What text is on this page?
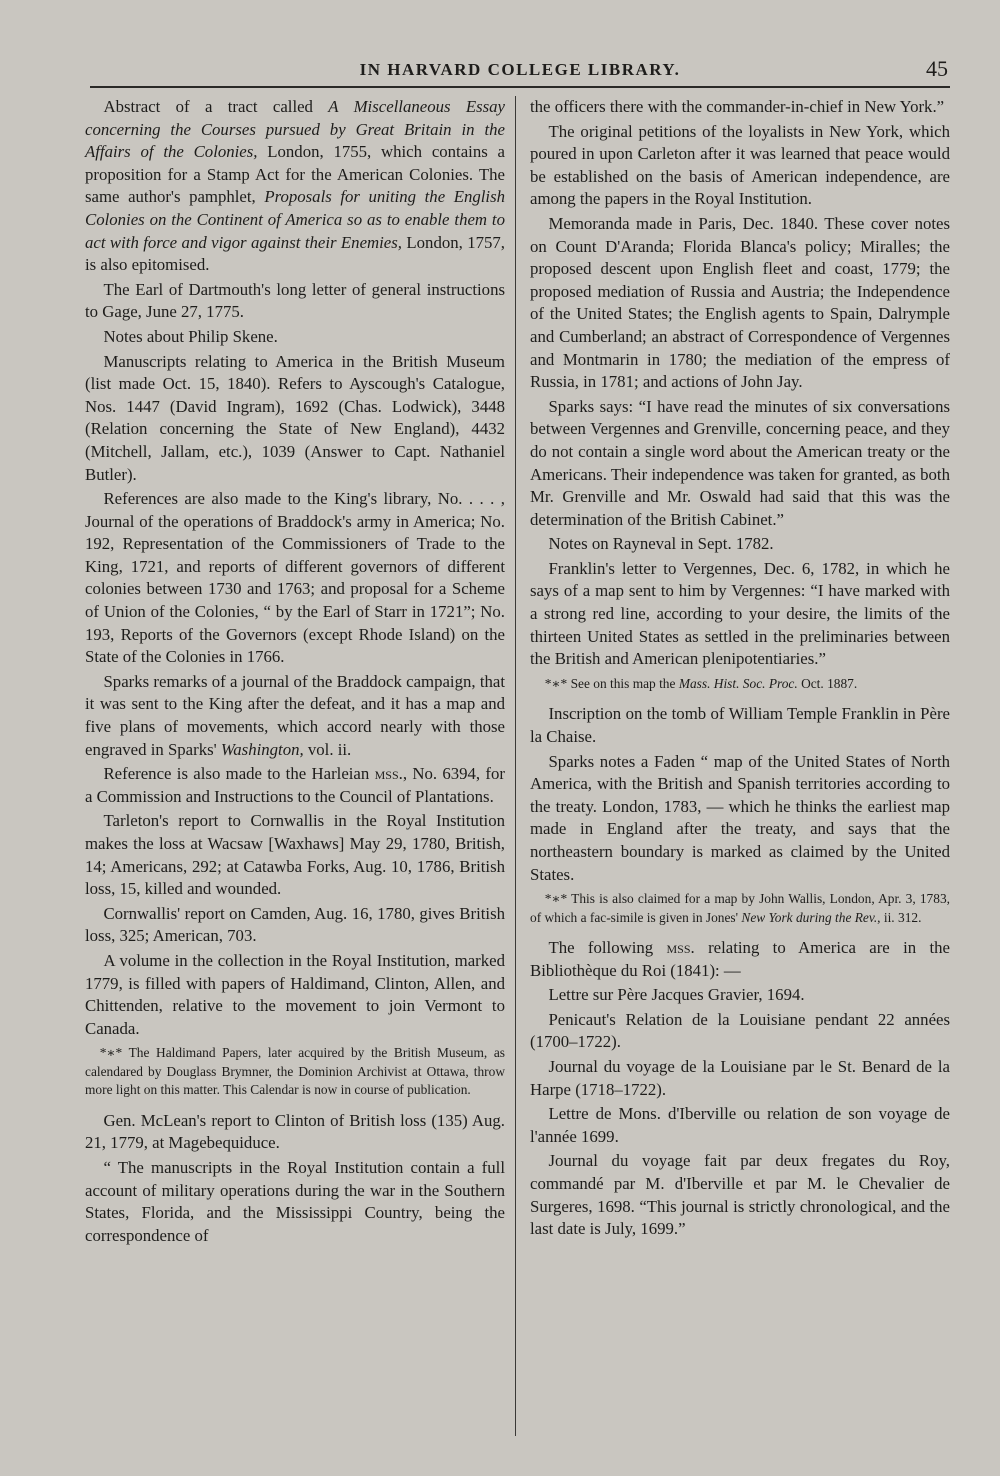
IN HARVARD COLLEGE LIBRARY.	45

Abstract of a tract called A Miscellaneous Essay concerning the Courses pursued by Great Britain in the Affairs of the Colonies, London, 1755, which contains a proposition for a Stamp Act for the American Colonies. The same author's pamphlet, Proposals for uniting the English Colonies on the Continent of America so as to enable them to act with force and vigor against their Enemies, London, 1757, is also epitomised.

The Earl of Dartmouth's long letter of general instructions to Gage, June 27, 1775.

Notes about Philip Skene.

Manuscripts relating to America in the British Museum (list made Oct. 15, 1840). Refers to Ayscough's Catalogue, Nos. 1447 (David Ingram), 1692 (Chas. Lodwick), 3448 (Relation concerning the State of New England), 4432 (Mitchell, Jallam, etc.), 1039 (Answer to Capt. Nathaniel Butler).

References are also made to the King's library, No. . . . , Journal of the operations of Braddock's army in America; No. 192, Representation of the Commissioners of Trade to the King, 1721, and reports of different governors of different colonies between 1730 and 1763; and proposal for a Scheme of Union of the Colonies, “ by the Earl of Starr in 1721”; No. 193, Reports of the Governors (except Rhode Island) on the State of the Colonies in 1766.

Sparks remarks of a journal of the Braddock campaign, that it was sent to the King after the defeat, and it has a map and five plans of movements, which accord nearly with those engraved in Sparks' Washington, vol. ii.

Reference is also made to the Harleian mss., No. 6394, for a Commission and Instructions to the Council of Plantations.

Tarleton's report to Cornwallis in the Royal Institution makes the loss at Wacsaw [Waxhaws] May 29, 1780, British, 14; Americans, 292; at Catawba Forks, Aug. 10, 1786, British loss, 15, killed and wounded.

Cornwallis' report on Camden, Aug. 16, 1780, gives British loss, 325; American, 703.

A volume in the collection in the Royal Institution, marked 1779, is filled with papers of Haldimand, Clinton, Allen, and Chittenden, relative to the movement to join Vermont to Canada.

*∗* The Haldimand Papers, later acquired by the British Museum, as calendared by Douglass Brymner, the Dominion Archivist at Ottawa, throw more light on this matter. This Calendar is now in course of publication.

Gen. McLean's report to Clinton of British loss (135) Aug. 21, 1779, at Magebequiduce.

“ The manuscripts in the Royal Institution contain a full account of military operations during the war in the Southern States, Florida, and the Mississippi Country, being the correspondence of

the officers there with the commander-in-chief in New York.”

The original petitions of the loyalists in New York, which poured in upon Carleton after it was learned that peace would be established on the basis of American independence, are among the papers in the Royal Institution.

Memoranda made in Paris, Dec. 1840. These cover notes on Count D'Aranda; Florida Blanca's policy; Miralles; the proposed descent upon English fleet and coast, 1779; the proposed mediation of Russia and Austria; the Independence of the United States; the English agents to Spain, Dalrymple and Cumberland; an abstract of Correspondence of Vergennes and Montmarin in 1780; the mediation of the empress of Russia, in 1781; and actions of John Jay.

Sparks says: “I have read the minutes of six conversations between Vergennes and Grenville, concerning peace, and they do not contain a single word about the American treaty or the Americans. Their independence was taken for granted, as both Mr. Grenville and Mr. Oswald had said that this was the determination of the British Cabinet.”

Notes on Rayneval in Sept. 1782.

Franklin's letter to Vergennes, Dec. 6, 1782, in which he says of a map sent to him by Vergennes: “I have marked with a strong red line, according to your desire, the limits of the thirteen United States as settled in the preliminaries between the British and American plenipotentiaries.”

*∗* See on this map the Mass. Hist. Soc. Proc. Oct. 1887.

Inscription on the tomb of William Temple Franklin in Père la Chaise.

Sparks notes a Faden “ map of the United States of North America, with the British and Spanish territories according to the treaty. London, 1783, — which he thinks the earliest map made in England after the treaty, and says that the northeastern boundary is marked as claimed by the United States.

*∗* This is also claimed for a map by John Wallis, London, Apr. 3, 1783, of which a fac-simile is given in Jones' New York during the Rev., ii. 312.

The following mss. relating to America are in the Bibliothèque du Roi (1841): —

Lettre sur Père Jacques Gravier, 1694.

Penicaut's Relation de la Louisiane pendant 22 années (1700–1722).

Journal du voyage de la Louisiane par le St. Benard de la Harpe (1718–1722).

Lettre de Mons. d'Iberville ou relation de son voyage de l'année 1699.

Journal du voyage fait par deux fregates du Roy, commandé par M. d'Iberville et par M. le Chevalier de Surgeres, 1698. “This journal is strictly chronological, and the last date is July, 1699.”
